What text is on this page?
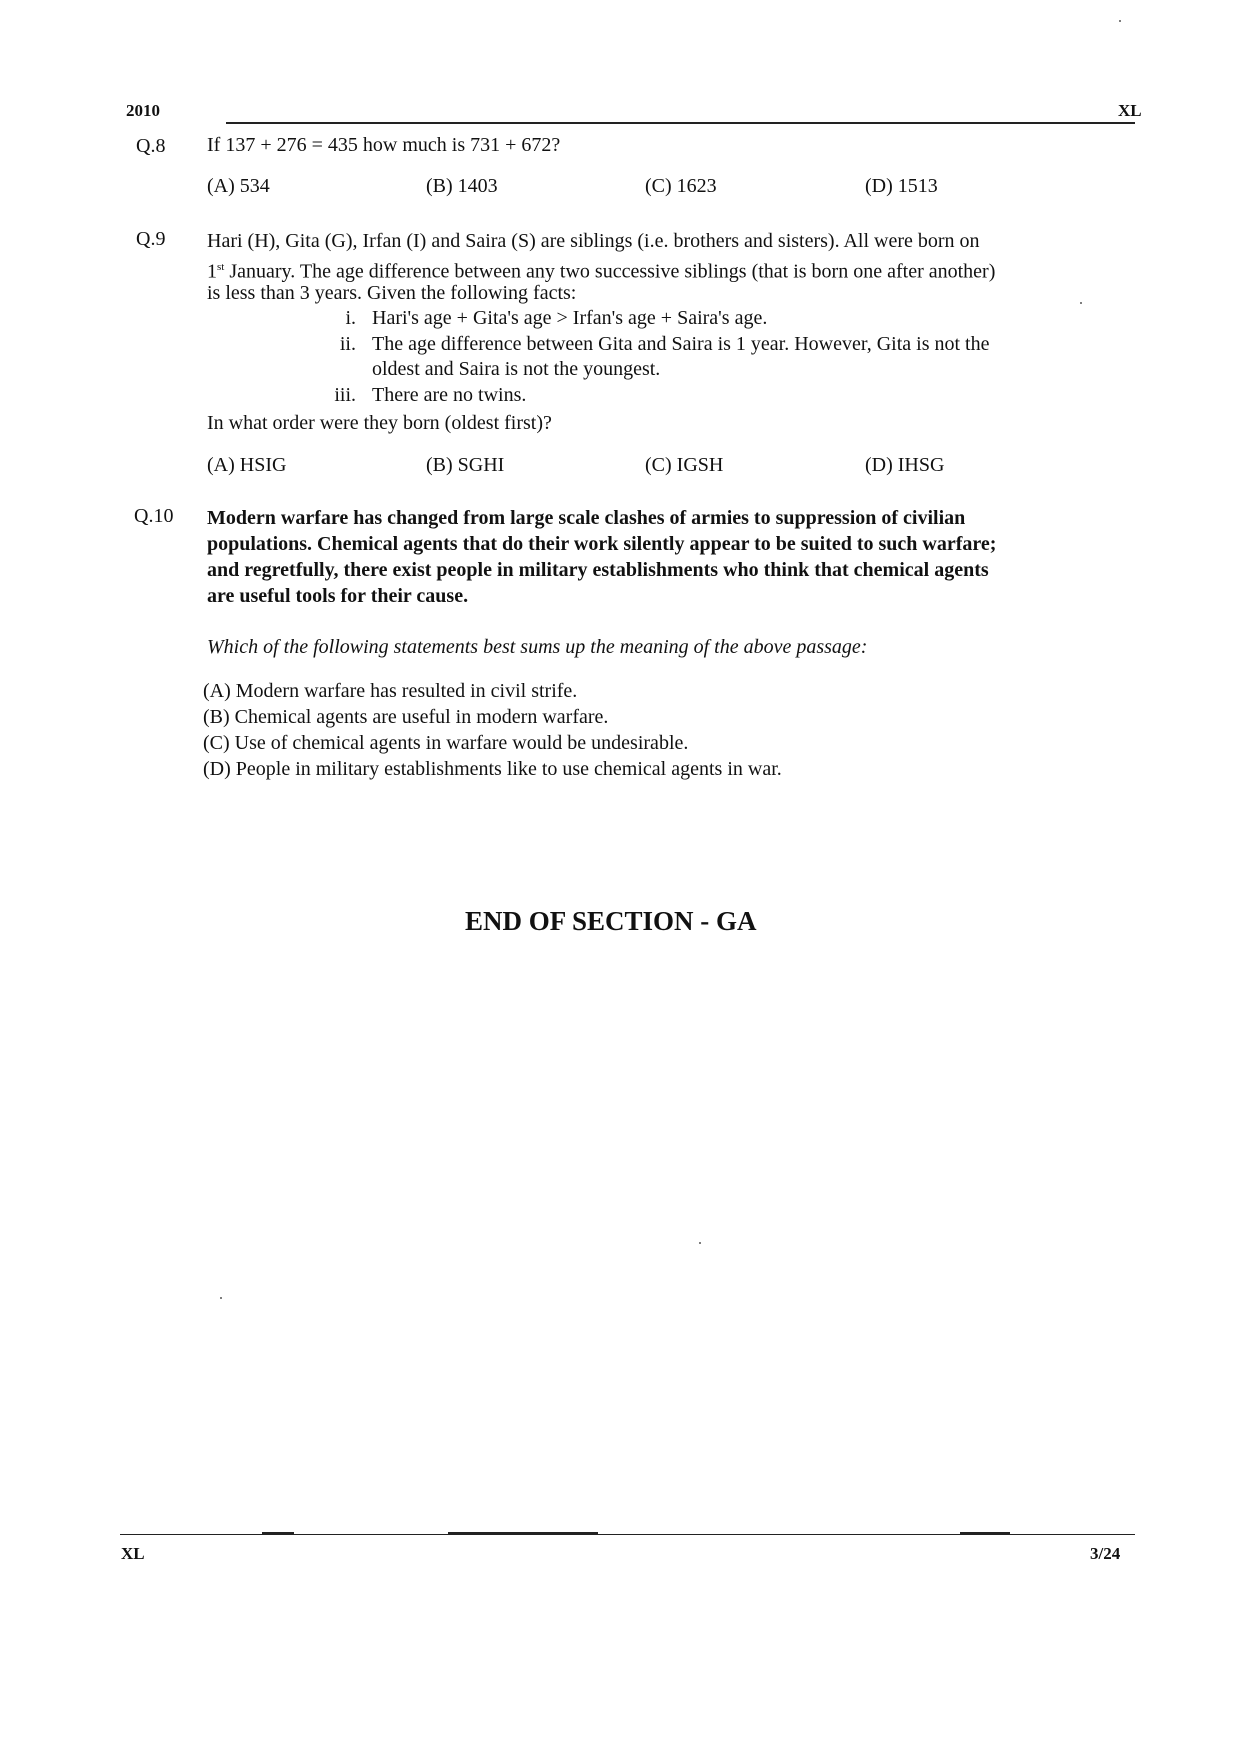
2010	XL
Q.8 If 137 + 276 = 435 how much is 731 + 672?
(A) 534	(B) 1403	(C) 1623	(D) 1513
Q.9 Hari (H), Gita (G), Irfan (I) and Saira (S) are siblings (i.e. brothers and sisters). All were born on
1st January. The age difference between any two successive siblings (that is born one after another)
is less than 3 years. Given the following facts:
i. Hari's age + Gita's age > Irfan's age + Saira's age.
ii. The age difference between Gita and Saira is 1 year. However, Gita is not the
oldest and Saira is not the youngest.
iii. There are no twins.
In what order were they born (oldest first)?
(A) HSIG	(B) SGHI	(C) IGSH	(D) IHSG
Q.10 Modern warfare has changed from large scale clashes of armies to suppression of civilian
populations. Chemical agents that do their work silently appear to be suited to such warfare;
and regretfully, there exist people in military establishments who think that chemical agents
are useful tools for their cause.
Which of the following statements best sums up the meaning of the above passage:
(A) Modern warfare has resulted in civil strife.
(B) Chemical agents are useful in modern warfare.
(C) Use of chemical agents in warfare would be undesirable.
(D) People in military establishments like to use chemical agents in war.
END OF SECTION - GA
XL	3/24
